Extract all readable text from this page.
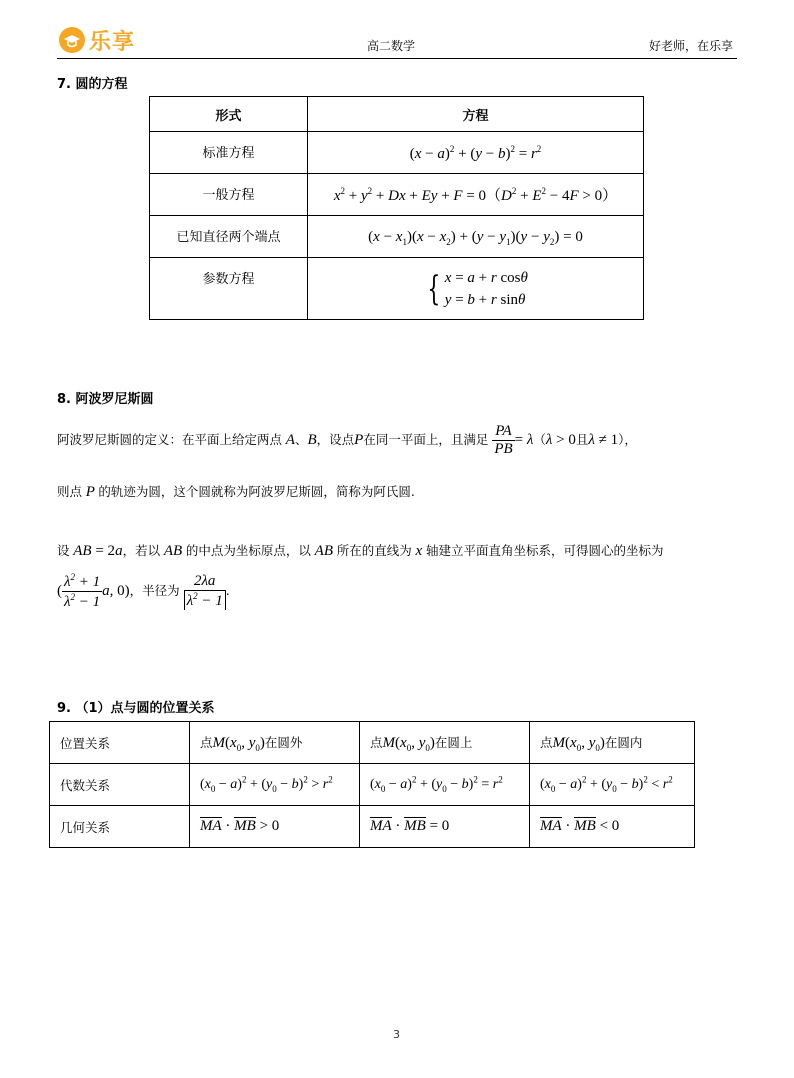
乐享	高二数学	好老师，在乐享
7. 圆的方程
形式	方程
标准方程	$(x - a)^2 + (y - b)^2 = r^2$
一般方程	$x^2 + y^2 + Dx + Ey + F = 0(D^2 + E^2 - 4F > 0)$
已知直径两个端点	$(x - x_1)(x - x_2) + (y - y_1)(y - y_2) = 0$
参数方程	{ x = a + r cosθ
y = b + r sinθ
8. 阿波罗尼斯圆
阿波罗尼斯圆的定义：在平面上给定两点 A、B，设点P在同一平面上，且满足 $\frac{PA}{PB} = \lambda(\lambda > 0$且λ ≠ 1），
则点 P 的轨迹为圆，这个圆就称为阿波罗尼斯圆，简称为阿氏圆.
设 AB = 2a，若以 AB 的中点为坐标原点，以 AB 所在的直线为 x 轴建立平面直角坐标系，可得圆心的坐标为
( $\frac{\lambda^2 + 1}{\lambda^2 - 1} a$, 0)，半径为 $\frac{2\lambda a}{\lambda^2 - 1}$ .
9. （1）点与圆的位置关系
位置关系	点$M(x_0$, $y_0$)在圆外	点$M(x_0$, $y_0$)在圆上	点$M(x_0$, $y_0$)在圆内
代数关系	$(x_0 - a)^2 + (y_0 - b)^2 > r^2$	$(x_0 - a)^2 + (y_0 - b)^2 = r^2$	$(x_0 - a)^2 + (y_0 - b)^2 < r^2$
几何关系	MA · MB > 0	MA · MB = 0	MA · MB < 0
3
